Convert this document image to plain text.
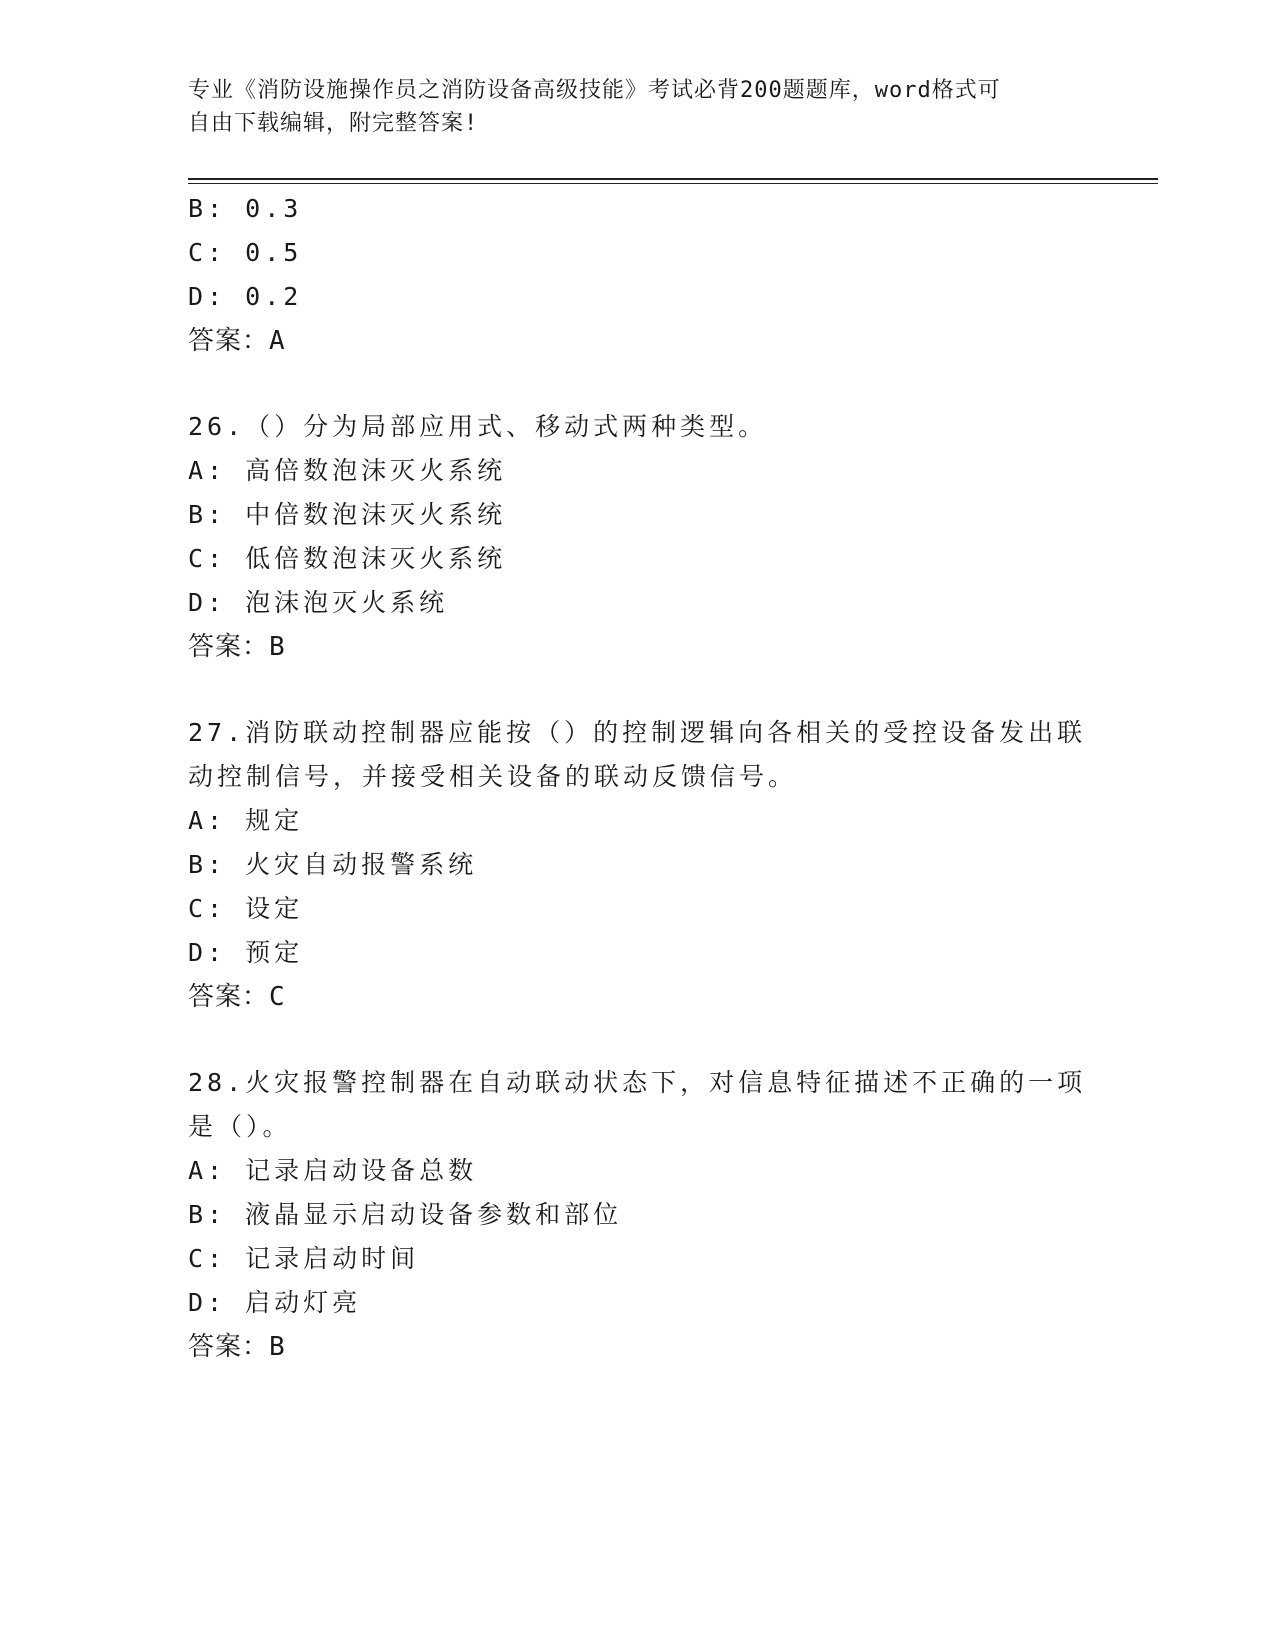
专业《消防设施操作员之消防设备高级技能》考试必背200题题库，word格式可
自由下载编辑，附完整答案!
B: 0.3
C: 0.5
D: 0.2
答案：A
26.（）分为局部应用式、移动式两种类型。
A: 高倍数泡沫灭火系统
B: 中倍数泡沫灭火系统
C: 低倍数泡沫灭火系统
D: 泡沫泡灭火系统
答案：B
27.消防联动控制器应能按（）的控制逻辑向各相关的受控设备发出联
动控制信号，并接受相关设备的联动反馈信号。
A: 规定
B: 火灾自动报警系统
C: 设定
D: 预定
答案：C
28.火灾报警控制器在自动联动状态下，对信息特征描述不正确的一项
是（）。
A: 记录启动设备总数
B: 液晶显示启动设备参数和部位
C: 记录启动时间
D: 启动灯亮
答案：B
